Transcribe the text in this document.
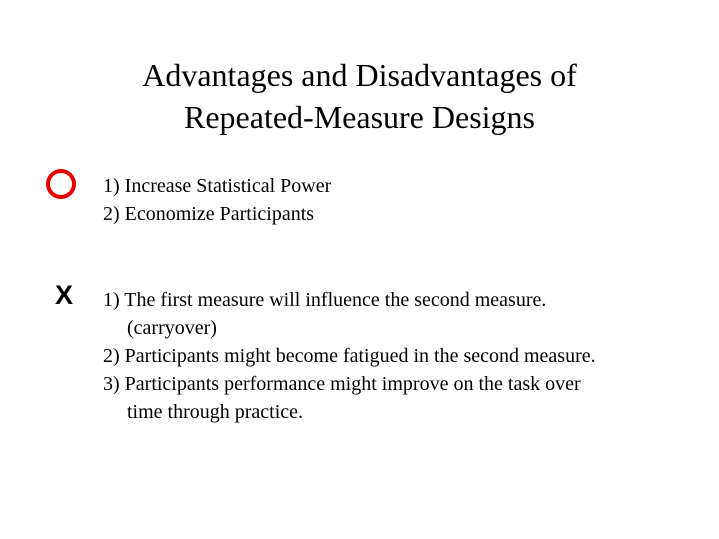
Advantages and Disadvantages of
Repeated-Measure Designs
1) Increase Statistical Power
2) Economize Participants
X 1) The first measure will influence the second measure.
(carryover)
2) Participants might become fatigued in the second measure.
3) Participants performance might improve on the task over
time through practice.
